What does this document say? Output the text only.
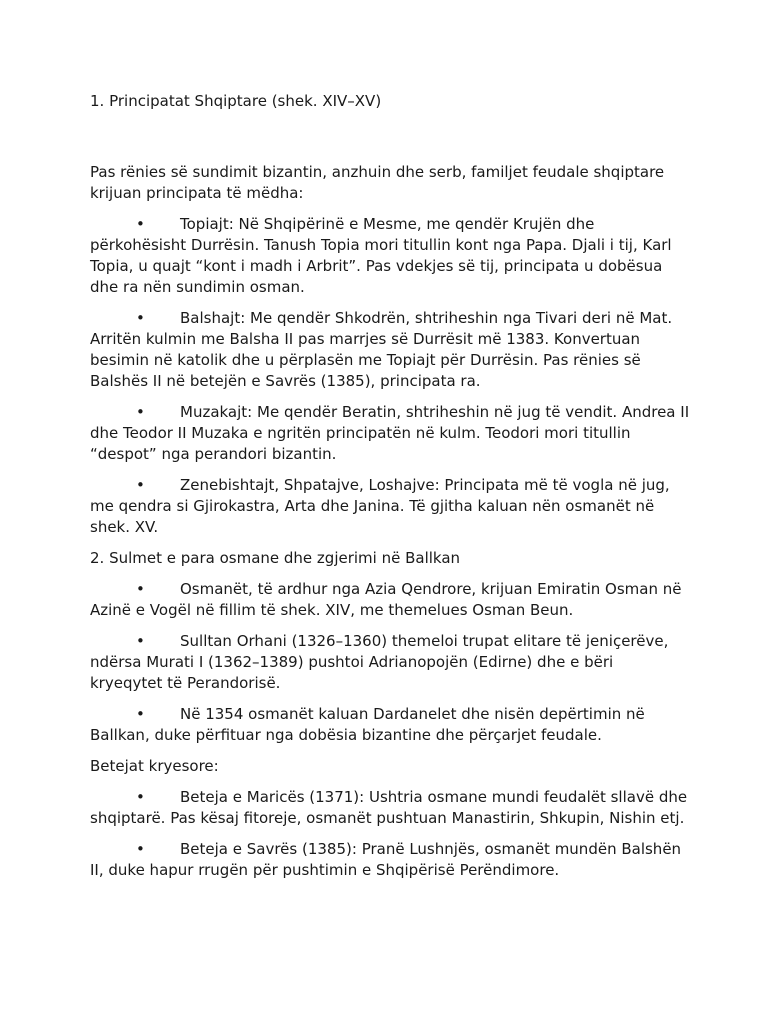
1. Principatat Shqiptare (shek. XIV–XV)

Pas rënies së sundimit bizantin, anzhuin dhe serb, familjet feudale shqiptare krijuan principata të mëdha:

• Topiajt: Në Shqipërinë e Mesme, me qendër Krujën dhe përkohësisht Durrësin. Tanush Topia mori titullin kont nga Papa. Djali i tij, Karl Topia, u quajt “kont i madh i Arbrit”. Pas vdekjes së tij, principata u dobësua dhe ra nën sundimin osman.
• Balshajt: Me qendër Shkodrën, shtriheshin nga Tivari deri në Mat. Arritën kulmin me Balsha II pas marrjes së Durrësit më 1383. Konvertuan besimin në katolik dhe u përplasën me Topiajt për Durrësin. Pas rënies së Balshës II në betejën e Savrës (1385), principata ra.
• Muzakajt: Me qendër Beratin, shtriheshin në jug të vendit. Andrea II dhe Teodor II Muzaka e ngritën principatën në kulm. Teodori mori titullin “despot” nga perandori bizantin.
• Zenebishtajt, Shpatajve, Loshajve: Principata më të vogla në jug, me qendra si Gjirokastra, Arta dhe Janina. Të gjitha kaluan nën osmanët në shek. XV.

2. Sulmet e para osmane dhe zgjerimi në Ballkan

• Osmanët, të ardhur nga Azia Qendrore, krijuan Emiratin Osman në Azinë e Vogël në fillim të shek. XIV, me themelues Osman Beun.
• Sulltan Orhani (1326–1360) themeloi trupat elitare të jeniçerëve, ndërsa Murati I (1362–1389) pushtoi Adrianopojën (Edirne) dhe e bëri kryeqytet të Perandorisë.
• Në 1354 osmanët kaluan Dardanelet dhe nisën depërtimin në Ballkan, duke përfituar nga dobësia bizantine dhe përçarjet feudale.

Betejat kryesore:

• Beteja e Maricës (1371): Ushtria osmane mundi feudalët sllavë dhe shqiptarë. Pas kësaj fitoreje, osmanët pushtuan Manastirin, Shkupin, Nishin etj.
• Beteja e Savrës (1385): Pranë Lushnjës, osmanët mundën Balshën II, duke hapur rrugën për pushtimin e Shqipërisë Perëndimore.
